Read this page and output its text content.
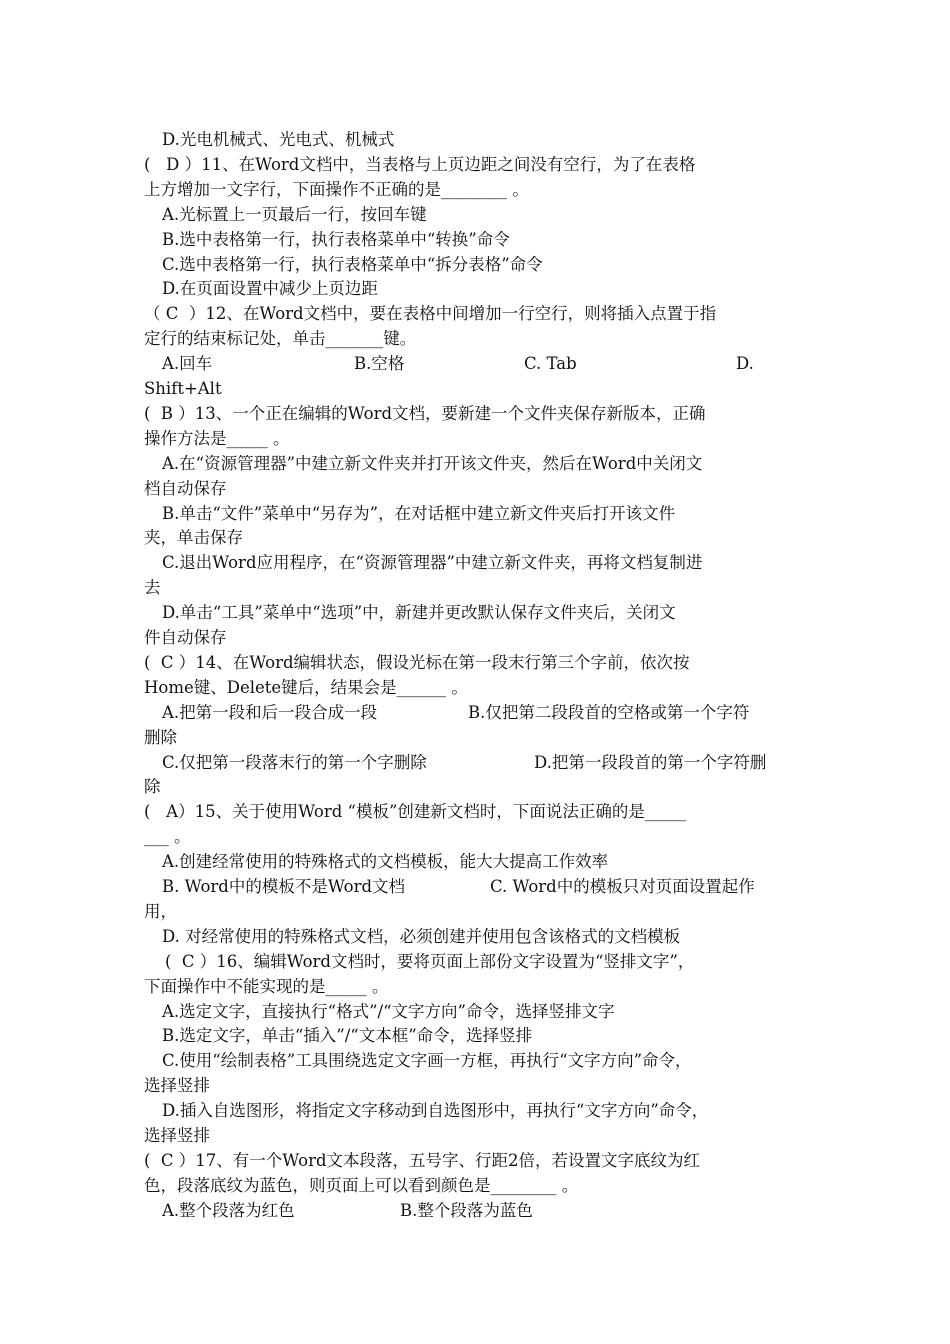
D.光电机械式、光电式、机械式
(   D ）11、在Word文档中，当表格与上页边距之间没有空行，为了在表格
上方增加一文字行，下面操作不正确的是________ 。
A.光标置上一页最后一行，按回车键
B.选中表格第一行，执行表格菜单中“转换”命令
C.选中表格第一行，执行表格菜单中“拆分表格”命令
D.在页面设置中减少上页边距
（ C  ）12、在Word文档中，要在表格中间增加一行空行，则将插入点置于指
定行的结束标记处，单击_______键。
A.回车	B.空格	C. Tab	D.
Shift+Alt
(  B ）13、一个正在编辑的Word文档，要新建一个文件夹保存新版本，正确
操作方法是_____ 。
A.在“资源管理器”中建立新文件夹并打开该文件夹，然后在Word中关闭文
档自动保存
B.单击“文件”菜单中“另存为”，在对话框中建立新文件夹后打开该文件
夹，单击保存
C.退出Word应用程序，在“资源管理器”中建立新文件夹，再将文档复制进
去
D.单击“工具”菜单中“选项”中，新建并更改默认保存文件夹后，关闭文
件自动保存
(  C ）14、在Word编辑状态，假设光标在第一段末行第三个字前，依次按
Home键、Delete键后，结果会是______ 。
A.把第一段和后一段合成一段	B.仅把第二段段首的空格或第一个字符
删除
C.仅把第一段落末行的第一个字删除	D.把第一段段首的第一个字符删
除
(   A）15、关于使用Word “模板”创建新文档时，下面说法正确的是_____
___ 。
A.创建经常使用的特殊格式的文档模板，能大大提高工作效率
B. Word中的模板不是Word文档	C. Word中的模板只对页面设置起作
用，
D. 对经常使用的特殊格式文档，必须创建并使用包含该格式的文档模板
(  C ）16、编辑Word文档时，要将页面上部份文字设置为“竖排文字”，
下面操作中不能实现的是_____ 。
A.选定文字，直接执行“格式”/“文字方向”命令，选择竖排文字
B.选定文字，单击“插入”/“文本框”命令，选择竖排
C.使用“绘制表格”工具围绕选定文字画一方框，再执行“文字方向”命令，
选择竖排
D.插入自选图形，将指定文字移动到自选图形中，再执行“文字方向”命令，
选择竖排
(  C ）17、有一个Word文本段落，五号字、行距2倍，若设置文字底纹为红
色，段落底纹为蓝色，则页面上可以看到颜色是________ 。
A.整个段落为红色	B.整个段落为蓝色
